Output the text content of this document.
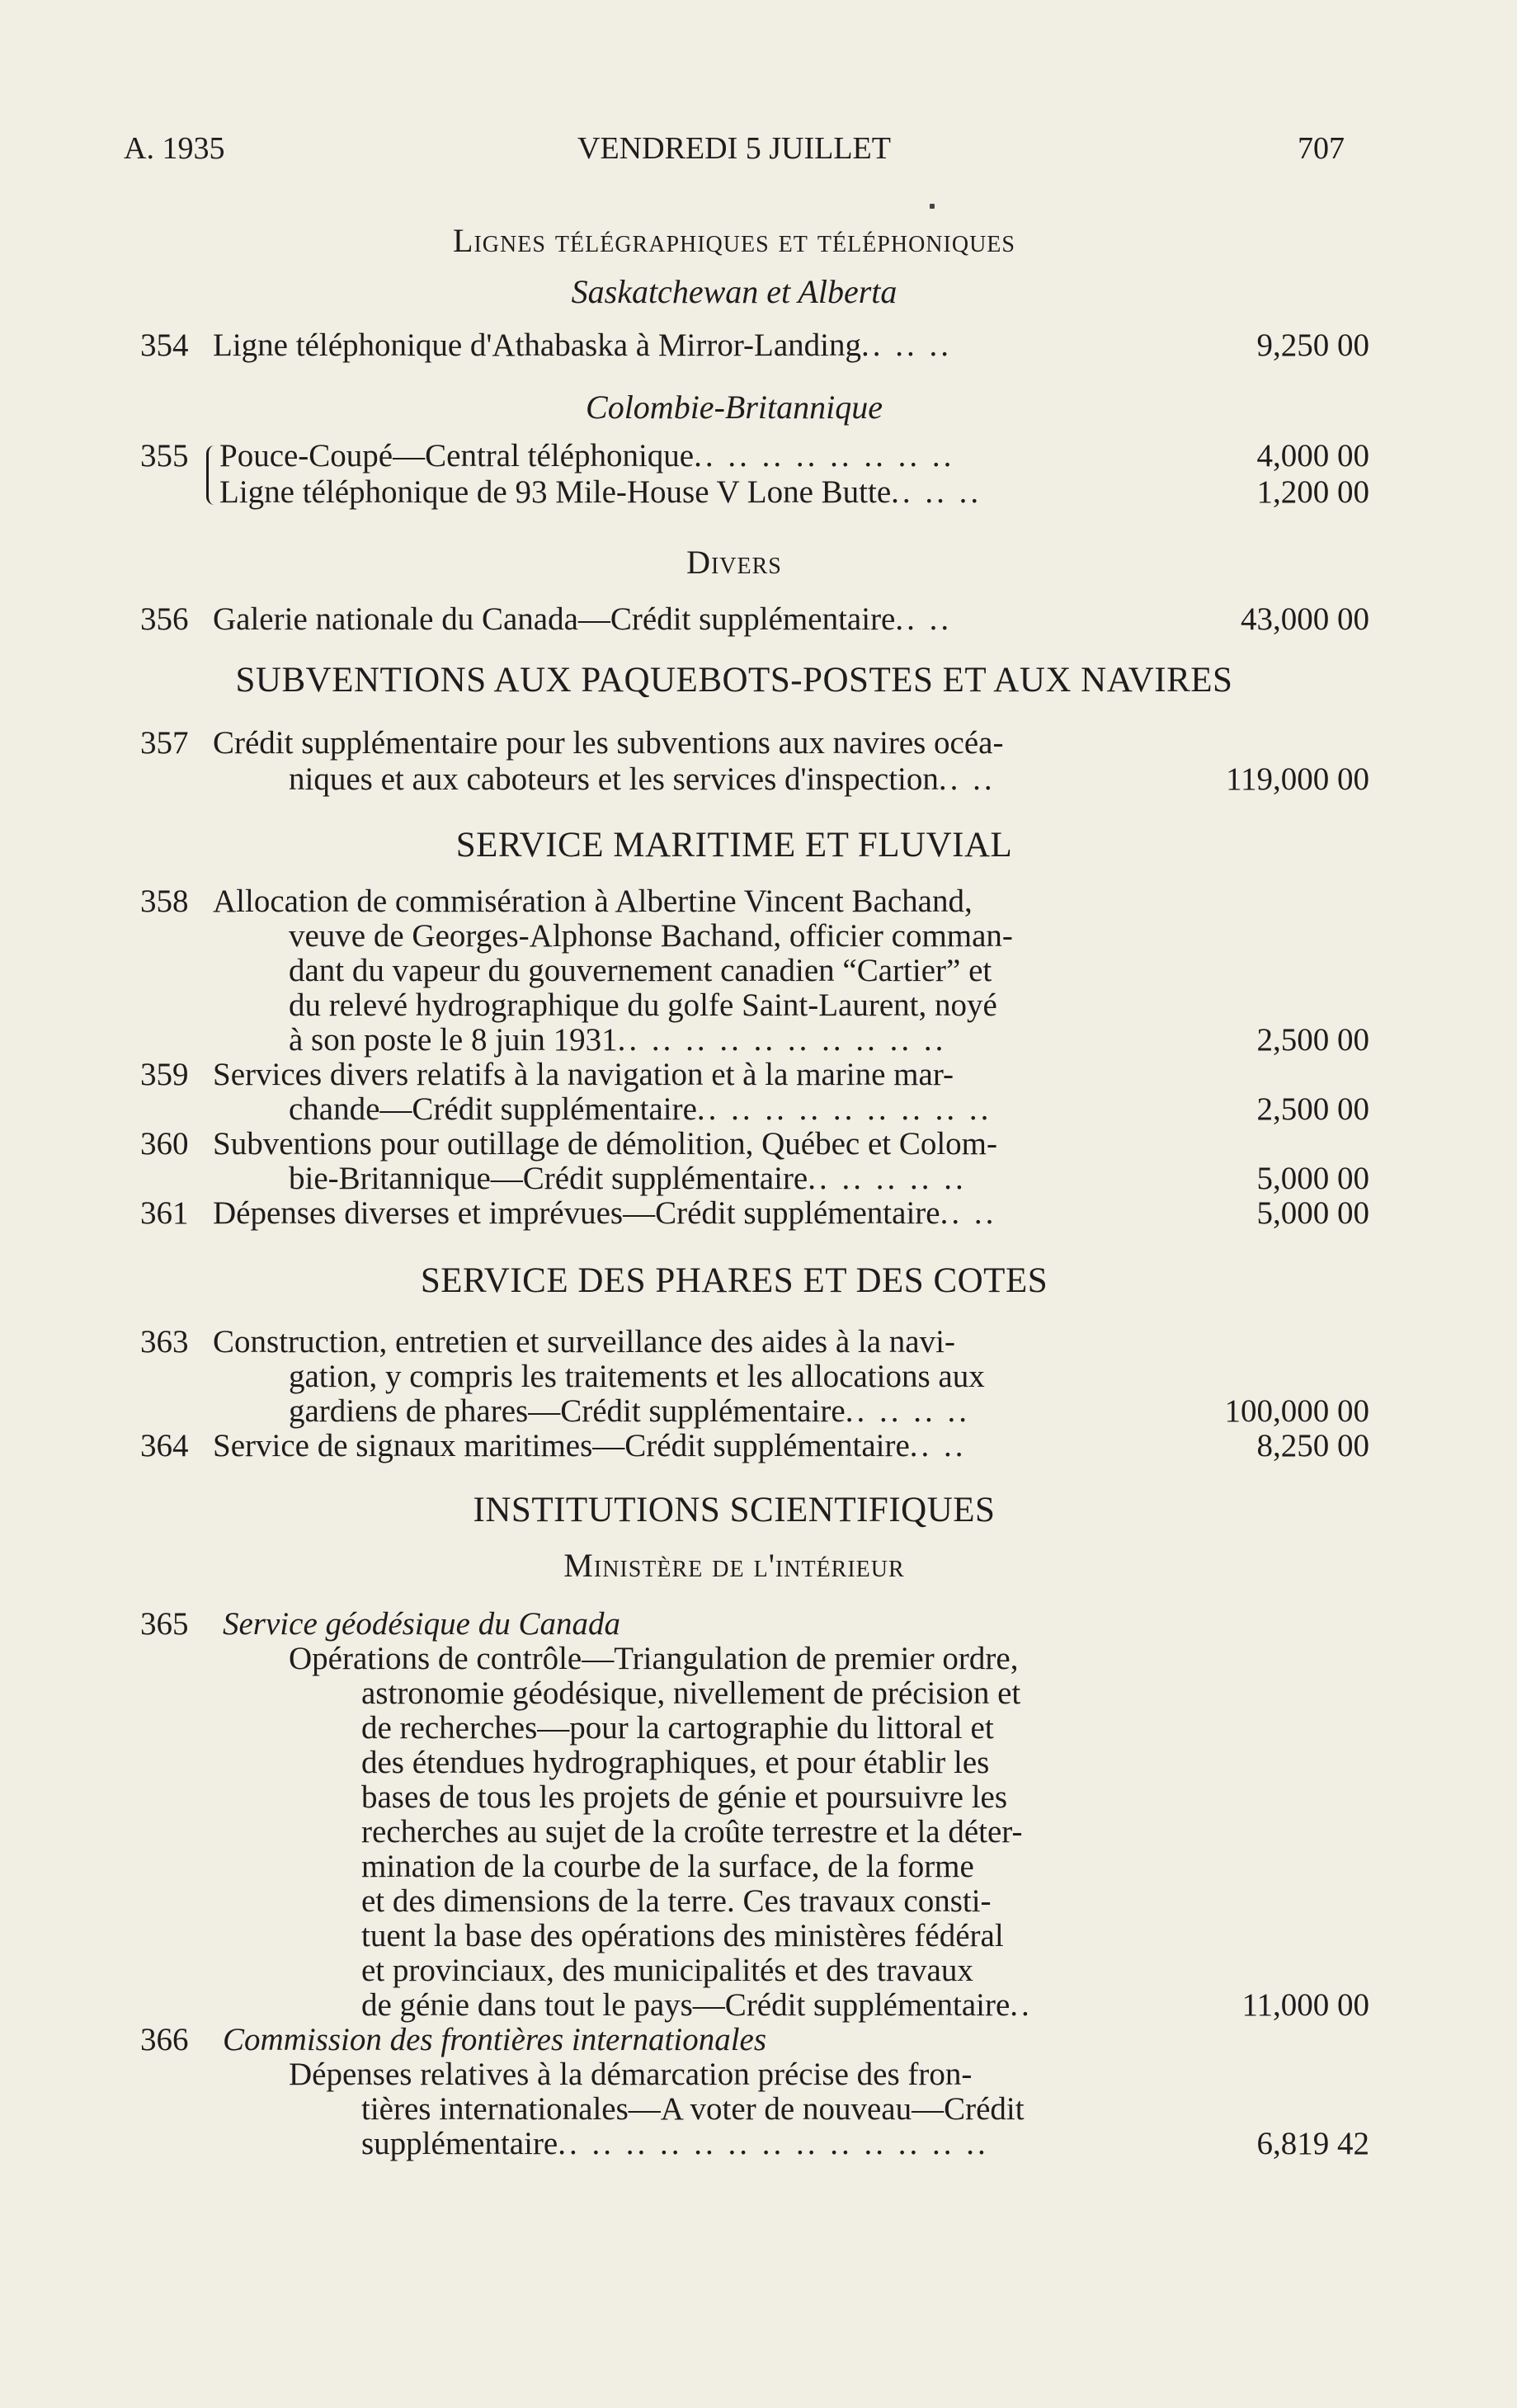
A. 1935	VENDREDI 5 JUILLET	707
Lignes télégraphiques et téléphoniques
Saskatchewan et Alberta
354 Ligne téléphonique d'Athabaska à Mirror-Landing.. .. ..	9,250 00
Colombie-Britannique
355 Pouce-Coupé—Central téléphonique.. .. .. .. .. .. .. ..	4,000 00
Ligne téléphonique de 93 Mile-House V Lone Butte.. .. ..	1,200 00
Divers
356 Galerie nationale du Canada—Crédit supplémentaire.. ..	43,000 00
SUBVENTIONS AUX PAQUEBOTS-POSTES ET AUX NAVIRES
357 Crédit supplémentaire pour les subventions aux navires océa-
niques et aux caboteurs et les services d'inspection.. ..	119,000 00
SERVICE MARITIME ET FLUVIAL
358 Allocation de commisération à Albertine Vincent Bachand,
veuve de Georges-Alphonse Bachand, officier comman-
dant du vapeur du gouvernement canadien “Cartier” et
du relevé hydrographique du golfe Saint-Laurent, noyé
à son poste le 8 juin 1931.. .. .. .. .. .. .. .. .. ..	2,500 00
359 Services divers relatifs à la navigation et à la marine mar-
chande—Crédit supplémentaire.. .. .. .. .. .. .. .. ..	2,500 00
360 Subventions pour outillage de démolition, Québec et Colom-
bie-Britannique—Crédit supplémentaire.. .. .. .. ..	5,000 00
361 Dépenses diverses et imprévues—Crédit supplémentaire.. ..	5,000 00
SERVICE DES PHARES ET DES COTES
363 Construction, entretien et surveillance des aides à la navi-
gation, y compris les traitements et les allocations aux
gardiens de phares—Crédit supplémentaire.. .. .. ..	100,000 00
364 Service de signaux maritimes—Crédit supplémentaire.. ..	8,250 00
INSTITUTIONS SCIENTIFIQUES
Ministère de l'intérieur
365 Service géodésique du Canada
Opérations de contrôle—Triangulation de premier ordre,
astronomie géodésique, nivellement de précision et
de recherches—pour la cartographie du littoral et
des étendues hydrographiques, et pour établir les
bases de tous les projets de génie et poursuivre les
recherches au sujet de la croûte terrestre et la déter-
mination de la courbe de la surface, de la forme
et des dimensions de la terre. Ces travaux consti-
tuent la base des opérations des ministères fédéral
et provinciaux, des municipalités et des travaux
de génie dans tout le pays—Crédit supplémentaire..	11,000 00
366 Commission des frontières internationales
Dépenses relatives à la démarcation précise des fron-
tières internationales—A voter de nouveau—Crédit
supplémentaire.. .. .. .. .. .. .. .. .. .. .. .. ..	6,819 42
